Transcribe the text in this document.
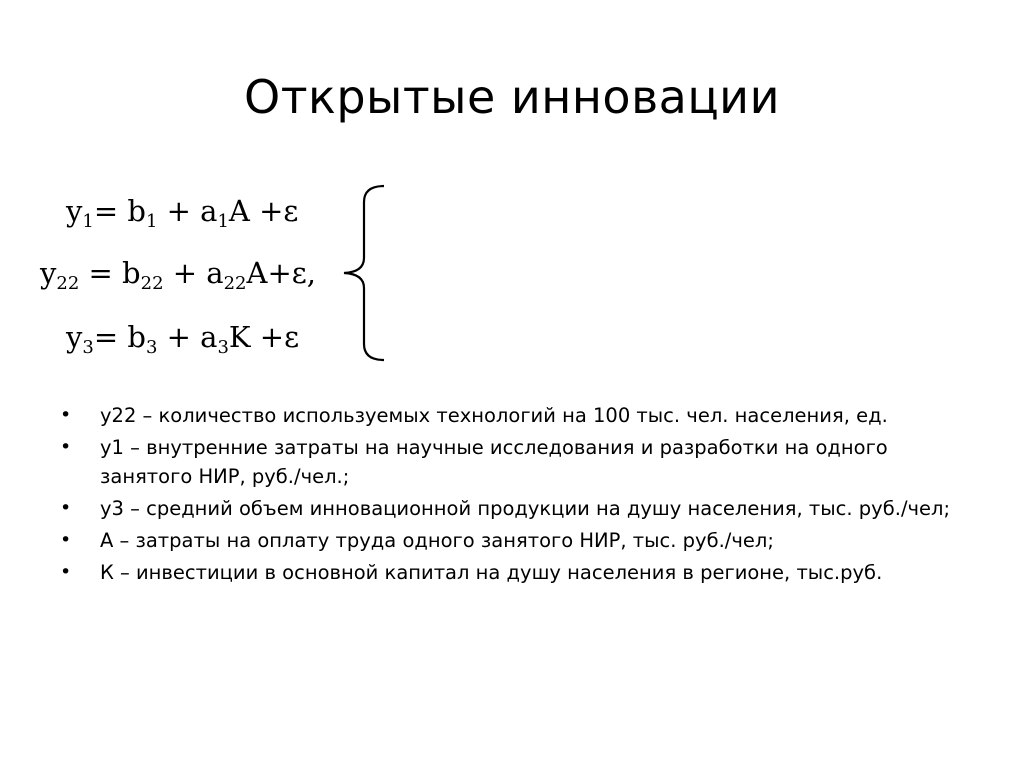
Открытые инновации
$y_1= b_1 + a_1A +\varepsilon$
$y_{22} = b_{22} + a_{22}A+\varepsilon$,
$y_3= b_3 + a_3K +\varepsilon$
•	у22 – количество используемых технологий на 100 тыс. чел. населения, ед.
•	у1 – внутренние затраты на научные исследования и разработки на одного занятого НИР, руб./чел.;
•	у3 – средний объем инновационной продукции на душу населения, тыс. руб./чел;
•	А – затраты на оплату труда одного занятого НИР, тыс. руб./чел;
•	К – инвестиции в основной капитал на душу населения в регионе, тыс.руб.
